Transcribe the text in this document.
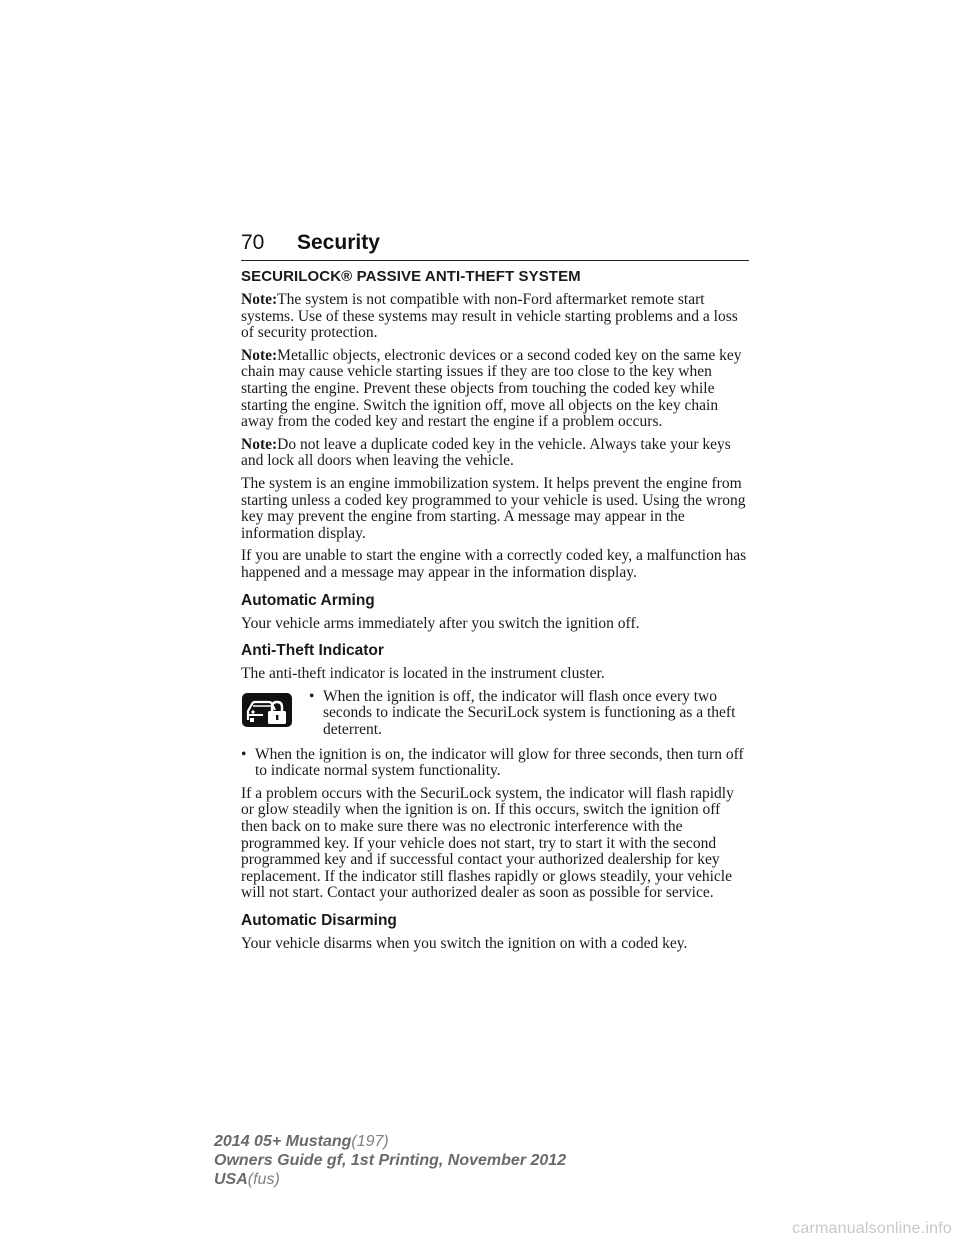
70 Security
SECURILOCK® PASSIVE ANTI-THEFT SYSTEM

Note:The system is not compatible with non-Ford aftermarket remote start systems. Use of these systems may result in vehicle starting problems and a loss of security protection.

Note:Metallic objects, electronic devices or a second coded key on the same key chain may cause vehicle starting issues if they are too close to the key when starting the engine. Prevent these objects from touching the coded key while starting the engine. Switch the ignition off, move all objects on the key chain away from the coded key and restart the engine if a problem occurs.

Note:Do not leave a duplicate coded key in the vehicle. Always take your keys and lock all doors when leaving the vehicle.

The system is an engine immobilization system. It helps prevent the engine from starting unless a coded key programmed to your vehicle is used. Using the wrong key may prevent the engine from starting. A message may appear in the information display.

If you are unable to start the engine with a correctly coded key, a malfunction has happened and a message may appear in the information display.

Automatic Arming

Your vehicle arms immediately after you switch the ignition off.

Anti-Theft Indicator

The anti-theft indicator is located in the instrument cluster.

• When the ignition is off, the indicator will flash once every two seconds to indicate the SecuriLock system is functioning as a theft deterrent.
• When the ignition is on, the indicator will glow for three seconds, then turn off to indicate normal system functionality.

If a problem occurs with the SecuriLock system, the indicator will flash rapidly or glow steadily when the ignition is on. If this occurs, switch the ignition off then back on to make sure there was no electronic interference with the programmed key. If your vehicle does not start, try to start it with the second programmed key and if successful contact your authorized dealership for key replacement. If the indicator still flashes rapidly or glows steadily, your vehicle will not start. Contact your authorized dealer as soon as possible for service.

Automatic Disarming

Your vehicle disarms when you switch the ignition on with a coded key.

2014 05+ Mustang(197)
Owners Guide gf, 1st Printing, November 2012
USA(fus)
carmanualsonline.info
